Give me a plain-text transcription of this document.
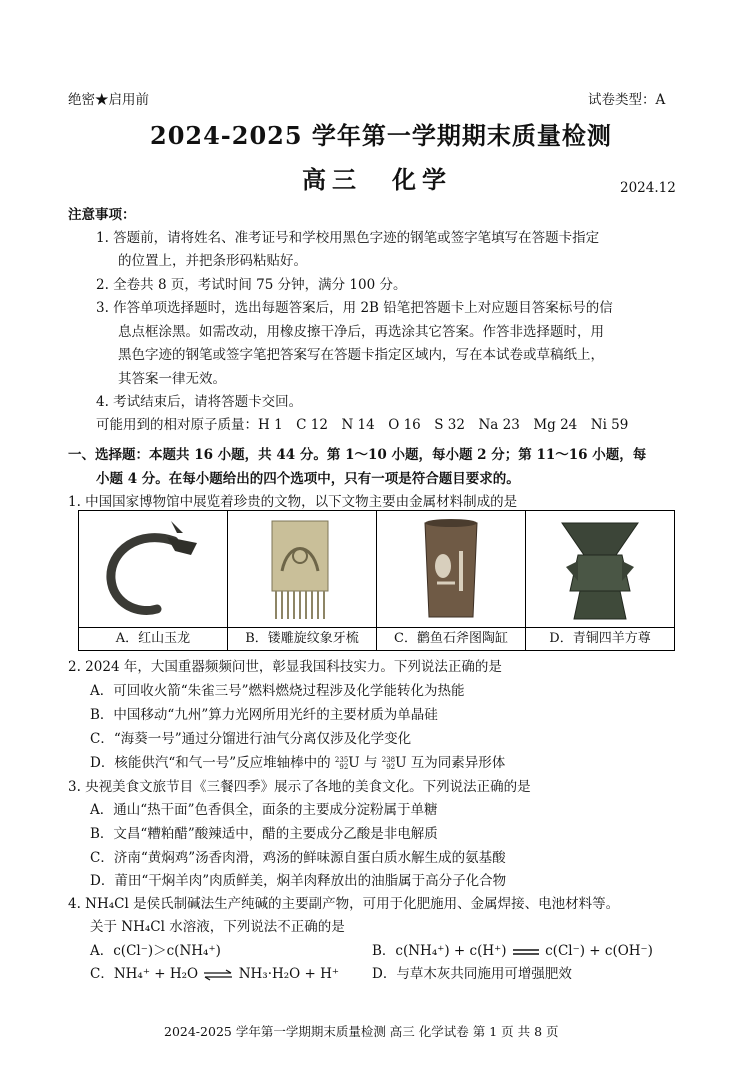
绝密★启用前	试卷类型：A
2024-2025 学年第一学期期末质量检测
高三　化学	2024.12
注意事项：
1. 答题前，请将姓名、准考证号和学校用黑色字迹的钢笔或签字笔填写在答题卡指定
的位置上，并把条形码粘贴好。
2. 全卷共 8 页，考试时间 75 分钟，满分 100 分。
3. 作答单项选择题时，选出每题答案后，用 2B 铅笔把答题卡上对应题目答案标号的信
息点框涂黑。如需改动，用橡皮擦干净后，再选涂其它答案。作答非选择题时，用
黑色字迹的钢笔或签字笔把答案写在答题卡指定区域内，写在本试卷或草稿纸上，
其答案一律无效。
4. 考试结束后，请将答题卡交回。
可能用到的相对原子质量：H 1　C 12　N 14　O 16　S 32　Na 23　Mg 24　Ni 59
一、选择题：本题共 16 小题，共 44 分。第 1～10 小题，每小题 2 分；第 11～16 小题，每
小题 4 分。在每小题给出的四个选项中，只有一项是符合题目要求的。
1. 中国国家博物馆中展览着珍贵的文物，以下文物主要由金属材料制成的是
A．红山玉龙	B．镂雕旋纹象牙梳	C．鹳鱼石斧图陶缸	D．青铜四羊方尊
2. 2024 年，大国重器频频问世，彰显我国科技实力。下列说法正确的是
A．可回收火箭“朱雀三号”燃料燃烧过程涉及化学能转化为热能
B．中国移动“九州”算力光网所用光纤的主要材质为单晶硅
C．“海葵一号”通过分馏进行油气分离仅涉及化学变化
D．核能供汽“和气一号”反应堆轴棒中的 235
92U 与 238
92U 互为同素异形体
3. 央视美食文旅节目《三餐四季》展示了各地的美食文化。下列说法正确的是
A．通山“热干面”色香俱全，面条的主要成分淀粉属于单糖
B．文昌“糟粕醋”酸辣适中，醋的主要成分乙酸是非电解质
C．济南“黄焖鸡”汤香肉滑，鸡汤的鲜味源自蛋白质水解生成的氨基酸
D．莆田“干焖羊肉”肉质鲜美，焖羊肉释放出的油脂属于高分子化合物
4. NH₄Cl 是侯氏制碱法生产纯碱的主要副产物，可用于化肥施用、金属焊接、电池材料等。
关于 NH₄Cl 水溶液，下列说法不正确的是
A．c(Cl⁻)＞c(NH₄⁺)	B．c(NH₄⁺) + c(H⁺)	c(Cl⁻) + c(OH⁻)
C．NH₄⁺ + H₂O ⇌ NH₃·H₂O + H⁺ D．与草木灰共同施用可增强肥效
2024-2025 学年第一学期期末质量检测 高三 化学试卷 第 1 页 共 8 页
